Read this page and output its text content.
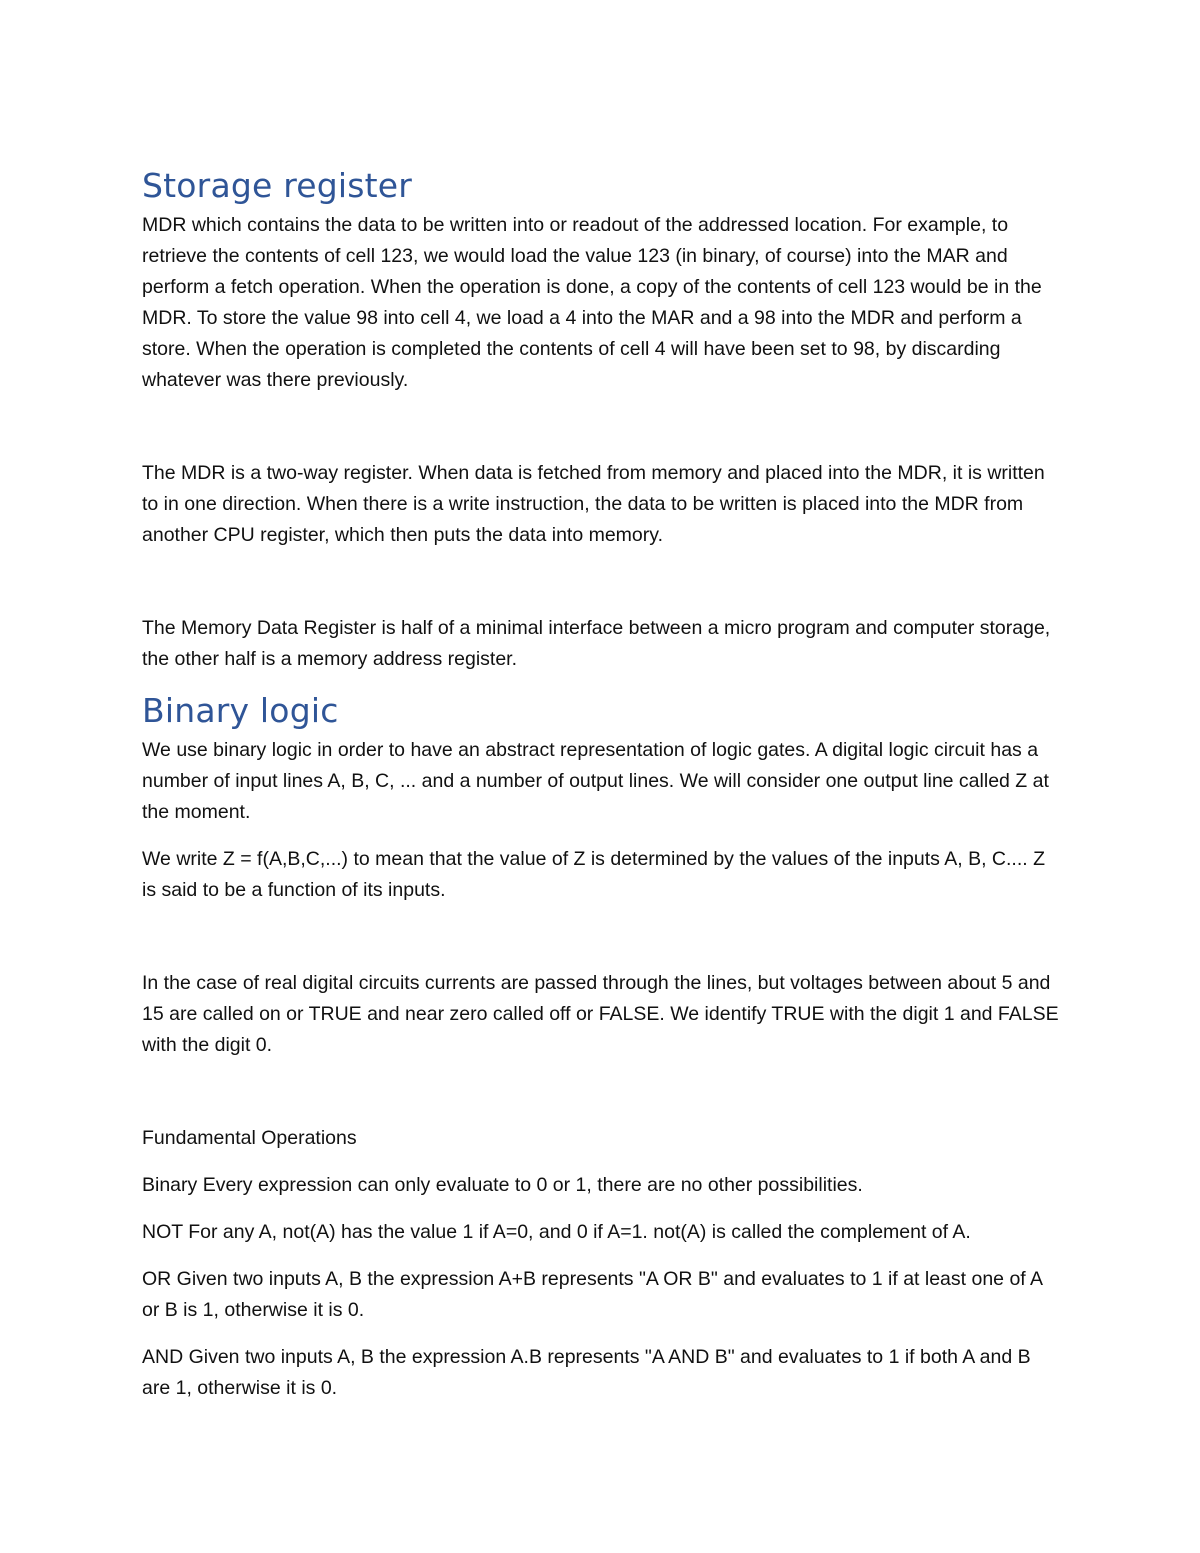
Storage register

MDR which contains the data to be written into or readout of the addressed location. For example, to retrieve the contents of cell 123, we would load the value 123 (in binary, of course) into the MAR and perform a fetch operation. When the operation is done, a copy of the contents of cell 123 would be in the MDR. To store the value 98 into cell 4, we load a 4 into the MAR and a 98 into the MDR and perform a store. When the operation is completed the contents of cell 4 will have been set to 98, by discarding whatever was there previously.

The MDR is a two-way register. When data is fetched from memory and placed into the MDR, it is written to in one direction. When there is a write instruction, the data to be written is placed into the MDR from another CPU register, which then puts the data into memory.

The Memory Data Register is half of a minimal interface between a micro program and computer storage, the other half is a memory address register.

Binary logic

We use binary logic in order to have an abstract representation of logic gates. A digital logic circuit has a number of input lines A, B, C, ... and a number of output lines. We will consider one output line called Z at the moment.

We write Z = f(A,B,C,...) to mean that the value of Z is determined by the values of the inputs A, B, C.... Z is said to be a function of its inputs.

In the case of real digital circuits currents are passed through the lines, but voltages between about 5 and 15 are called on or TRUE and near zero called off or FALSE. We identify TRUE with the digit 1 and FALSE with the digit 0.

Fundamental Operations

Binary Every expression can only evaluate to 0 or 1, there are no other possibilities.

NOT For any A, not(A) has the value 1 if A=0, and 0 if A=1. not(A) is called the complement of A.

OR Given two inputs A, B the expression A+B represents "A OR B" and evaluates to 1 if at least one of A or B is 1, otherwise it is 0.

AND Given two inputs A, B the expression A.B represents "A AND B" and evaluates to 1 if both A and B are 1, otherwise it is 0.
